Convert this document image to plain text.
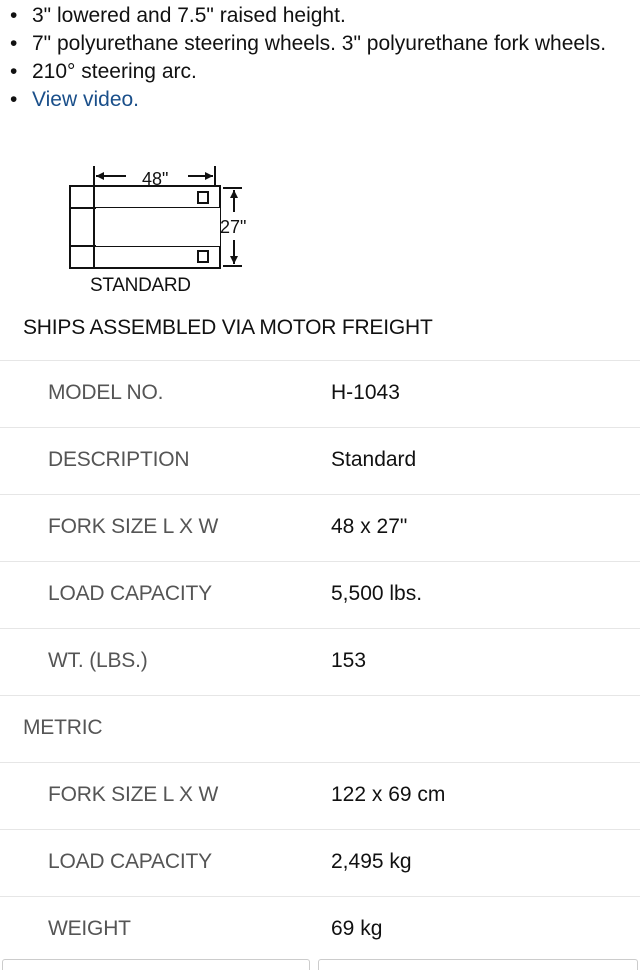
• 3" lowered and 7.5" raised height.
• 7" polyurethane steering wheels. 3" polyurethane fork wheels.
• 210° steering arc.
• View video.
48"
27"
STANDARD
SHIPS ASSEMBLED VIA MOTOR FREIGHT
MODEL NO.	H-1043
DESCRIPTION	Standard
FORK SIZE L X W	48 x 27"
LOAD CAPACITY	5,500 lbs.
WT. (LBS.)	153
METRIC
FORK SIZE L X W	122 x 69 cm
LOAD CAPACITY	2,495 kg
WEIGHT	69 kg
